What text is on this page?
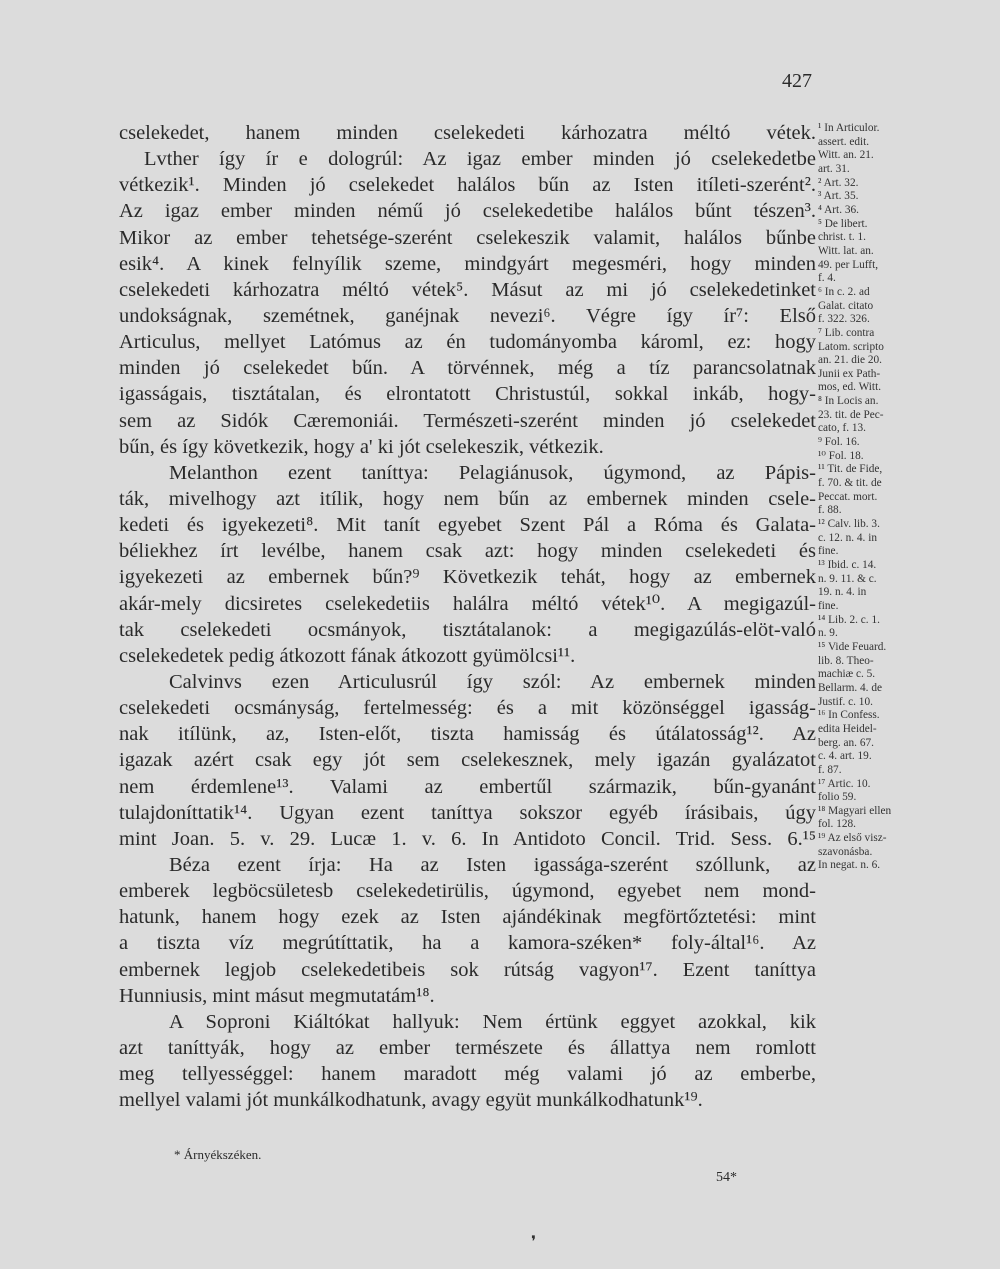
427
cselekedet, hanem minden cselekedeti kárhozatra méltó vétek.
Lvther így ír e dologrúl: Az igaz ember minden jó cselekedetbe
vétkezik¹. Minden jó cselekedet halálos bűn az Isten itíleti-szerént².
Az igaz ember minden némű jó cselekedetibe halálos bűnt tészen³.
Mikor az ember tehetsége-szerént cselekeszik valamit, halálos bűnbe
esik⁴. A kinek felnyílik szeme, mindgyárt megesméri, hogy minden
cselekedeti kárhozatra méltó vétek⁵. Másut az mi jó cselekedetinket
undokságnak, szemétnek, ganéjnak nevezi⁶. Végre így ír⁷: Első
Articulus, mellyet Latómus az én tudományomba károml, ez: hogy
minden jó cselekedet bűn. A törvénnek, még a tíz parancsolatnak
igasságais, tisztátalan, és elrontatott Christustúl, sokkal inkáb, hogy-
sem az Sidók Cæremoniái. Természeti-szerént minden jó cselekedet
bűn, és így következik, hogy a' ki jót cselekeszik, vétkezik.
Melanthon ezent taníttya: Pelagiánusok, úgymond, az Pápis-
ták, mivelhogy azt itílik, hogy nem bűn az embernek minden csele-
kedeti és igyekezeti⁸. Mit tanít egyebet Szent Pál a Róma és Galata-
béliekhez írt levélbe, hanem csak azt: hogy minden cselekedeti és
igyekezeti az embernek bűn?⁹ Következik tehát, hogy az embernek
akár-mely dicsiretes cselekedetiis halálra méltó vétek¹⁰. A megigazúl-
tak cselekedeti ocsmányok, tisztátalanok: a megigazúlás-elöt-való
cselekedetek pedig átkozott fának átkozott gyümölcsi¹¹.
Calvinvs ezen Articulusrúl így szól: Az embernek minden
cselekedeti ocsmányság, fertelmesség: és a mit közönséggel igasság-
nak itílünk, az, Isten-előt, tiszta hamisság és útálatosság¹². Az
igazak azért csak egy jót sem cselekesznek, mely igazán gyalázatot
nem érdemlene¹³. Valami az embertűl származik, bűn-gyanánt
tulajdoníttatik¹⁴. Ugyan ezent taníttya sokszor egyéb írásibais, úgy
mint Joan. 5. v. 29. Lucæ 1. v. 6. In Antidoto Concil. Trid. Sess. 6.¹⁵
Béza ezent írja: Ha az Isten igassága-szerént szóllunk, az
emberek legböcsületesb cselekedetirülis, úgymond, egyebet nem mond-
hatunk, hanem hogy ezek az Isten ajándékinak megförtőztetési: mint
a tiszta víz megrútíttatik, ha a kamora-széken* foly-által¹⁶. Az
embernek legjob cselekedetibeis sok rútság vagyon¹⁷. Ezent taníttya
Hunniusis, mint másut megmutatám¹⁸.
A Soproni Kiáltókat hallyuk: Nem értünk eggyet azokkal, kik
azt taníttyák, hogy az ember természete és állattya nem romlott
meg tellyességgel: hanem maradott még valami jó az emberbe,
mellyel valami jót munkálkodhatunk, avagy együt munkálkodhatunk¹⁹.
¹ In Articulor.
assert. edit.
Witt. an. 21.
art. 31.
² Art. 32.
³ Art. 35.
⁴ Art. 36.
⁵ De libert.
christ. t. 1.
Witt. lat. an.
49. per Lufft,
f. 4.
⁶ In c. 2. ad
Galat. citato
f. 322. 326.
⁷ Lib. contra
Latom. scripto
an. 21. die 20.
Junii ex Path-
mos, ed. Witt.
⁸ In Locis an.
23. tit. de Pec-
cato, f. 13.
⁹ Fol. 16.
¹⁰ Fol. 18.
¹¹ Tit. de Fide,
f. 70. & tit. de
Peccat. mort.
f. 88.
¹² Calv. lib. 3.
c. 12. n. 4. in
fine.
¹³ Ibid. c. 14.
n. 9. 11. & c.
19. n. 4. in
fine.
¹⁴ Lib. 2. c. 1.
n. 9.
¹⁵ Vide Feuard.
lib. 8. Theo-
machiæ c. 5.
Bellarm. 4. de
Justif. c. 10.
¹⁶ In Confess.
edita Heidel-
berg. an. 67.
c. 4. art. 19.
f. 87.
¹⁷ Artic. 10.
folio 59.
¹⁸ Magyari ellen
fol. 128.
¹⁹ Az első visz-
szavonásba.
In negat. n. 6.
* Árnyékszéken.
54*
❜
